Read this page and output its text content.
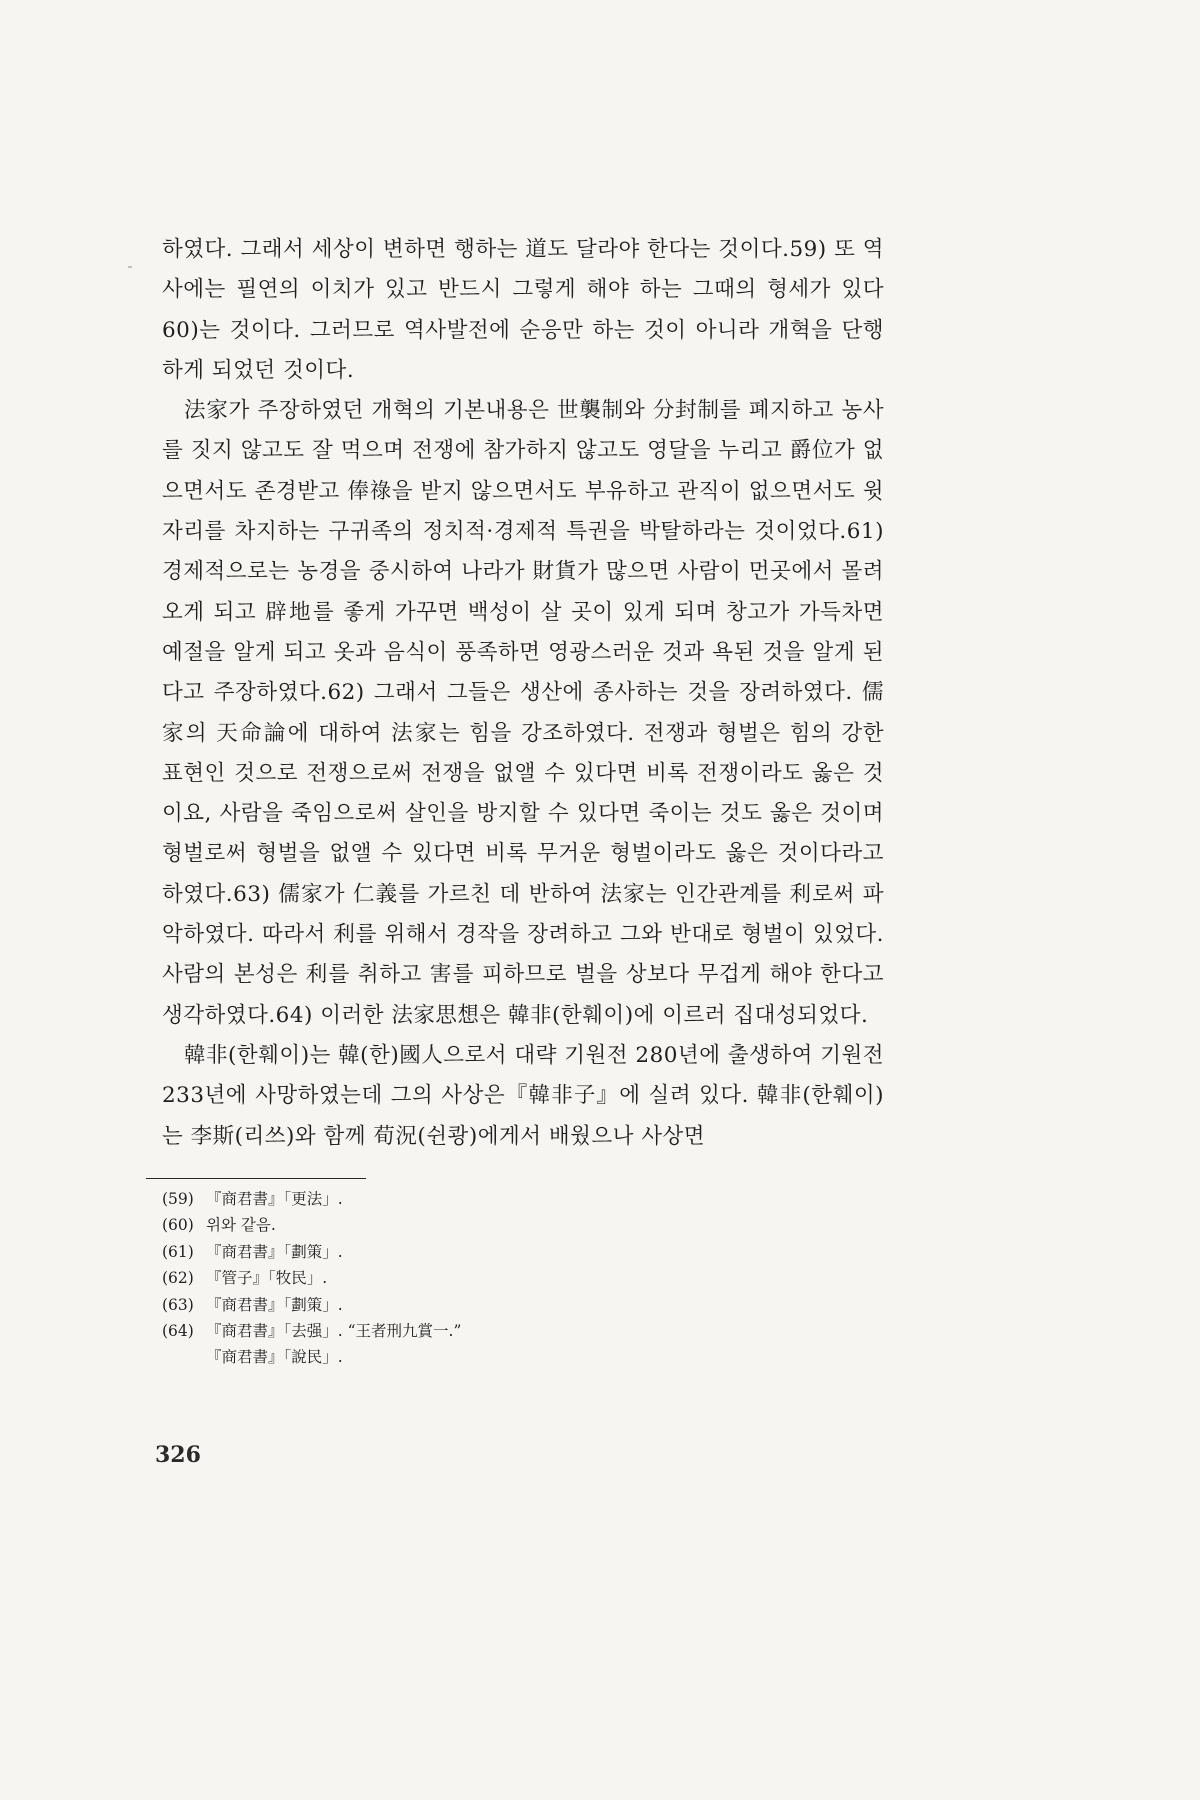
하였다. 그래서 세상이 변하면 행하는 道도 달라야 한다는 것이다.59) 또 역사에는 필연의 이치가 있고 반드시 그렇게 해야 하는 그때의 형세가 있다60)는 것이다. 그러므로 역사발전에 순응만 하는 것이 아니라 개혁을 단행하게 되었던 것이다.

法家가 주장하였던 개혁의 기본내용은 世襲制와 分封制를 폐지하고 농사를 짓지 않고도 잘 먹으며 전쟁에 참가하지 않고도 영달을 누리고 爵位가 없으면서도 존경받고 俸祿을 받지 않으면서도 부유하고 관직이 없으면서도 윗자리를 차지하는 구귀족의 정치적·경제적 특권을 박탈하라는 것이었다.61) 경제적으로는 농경을 중시하여 나라가 財貨가 많으면 사람이 먼곳에서 몰려 오게 되고 辟地를 좋게 가꾸면 백성이 살 곳이 있게 되며 창고가 가득차면 예절을 알게 되고 옷과 음식이 풍족하면 영광스러운 것과 욕된 것을 알게 된다고 주장하였다.62) 그래서 그들은 생산에 종사하는 것을 장려하였다. 儒家의 天命論에 대하여 法家는 힘을 강조하였다. 전쟁과 형벌은 힘의 강한 표현인 것으로 전쟁으로써 전쟁을 없앨 수 있다면 비록 전쟁이라도 옳은 것이요, 사람을 죽임으로써 살인을 방지할 수 있다면 죽이는 것도 옳은 것이며 형벌로써 형벌을 없앨 수 있다면 비록 무거운 형벌이라도 옳은 것이다라고 하였다.63) 儒家가 仁義를 가르친 데 반하여 法家는 인간관계를 利로써 파악하였다. 따라서 利를 위해서 경작을 장려하고 그와 반대로 형벌이 있었다. 사람의 본성은 利를 취하고 害를 피하므로 벌을 상보다 무겁게 해야 한다고 생각하였다.64) 이러한 法家思想은 韓非(한훼이)에 이르러 집대성되었다.

韓非(한훼이)는 韓(한)國人으로서 대략 기원전 280년에 출생하여 기원전 233년에 사망하였는데 그의 사상은『韓非子』에 실려 있다. 韓非(한훼이)는 李斯(리쓰)와 함께 荀況(쉰쾅)에게서 배웠으나 사상면

(59) 『商君書』「更法」.
(60) 위와 같음.
(61) 『商君書』「劃策」.
(62) 『管子』「牧民」.
(63) 『商君書』「劃策」.
(64) 『商君書』「去强」. “王者刑九賞一.”
『商君書』「說民」.
326
